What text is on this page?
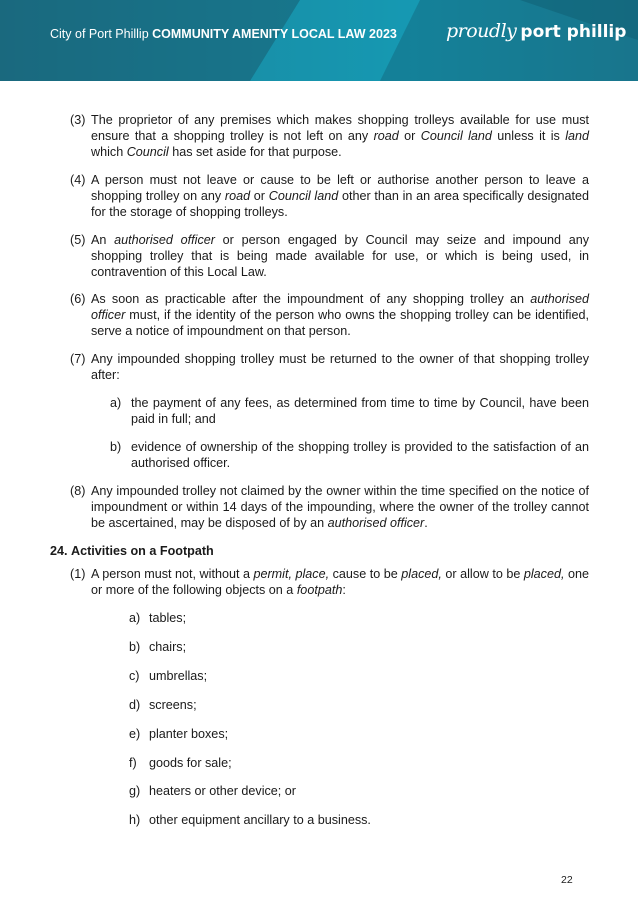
City of Port Phillip COMMUNITY AMENITY LOCAL LAW 2023	proudly port phillip
(3) The proprietor of any premises which makes shopping trolleys available for use must ensure that a shopping trolley is not left on any road or Council land unless it is land which Council has set aside for that purpose.
(4) A person must not leave or cause to be left or authorise another person to leave a shopping trolley on any road or Council land other than in an area specifically designated for the storage of shopping trolleys.
(5) An authorised officer or person engaged by Council may seize and impound any shopping trolley that is being made available for use, or which is being used, in contravention of this Local Law.
(6) As soon as practicable after the impoundment of any shopping trolley an authorised officer must, if the identity of the person who owns the shopping trolley can be identified, serve a notice of impoundment on that person.
(7) Any impounded shopping trolley must be returned to the owner of that shopping trolley after:
a) the payment of any fees, as determined from time to time by Council, have been paid in full; and
b) evidence of ownership of the shopping trolley is provided to the satisfaction of an authorised officer.
(8) Any impounded trolley not claimed by the owner within the time specified on the notice of impoundment or within 14 days of the impounding, where the owner of the trolley cannot be ascertained, may be disposed of by an authorised officer.
24. Activities on a Footpath
(1) A person must not, without a permit, place, cause to be placed, or allow to be placed, one or more of the following objects on a footpath:
a) tables;
b) chairs;
c) umbrellas;
d) screens;
e) planter boxes;
f) goods for sale;
g) heaters or other device; or
h) other equipment ancillary to a business.
22
